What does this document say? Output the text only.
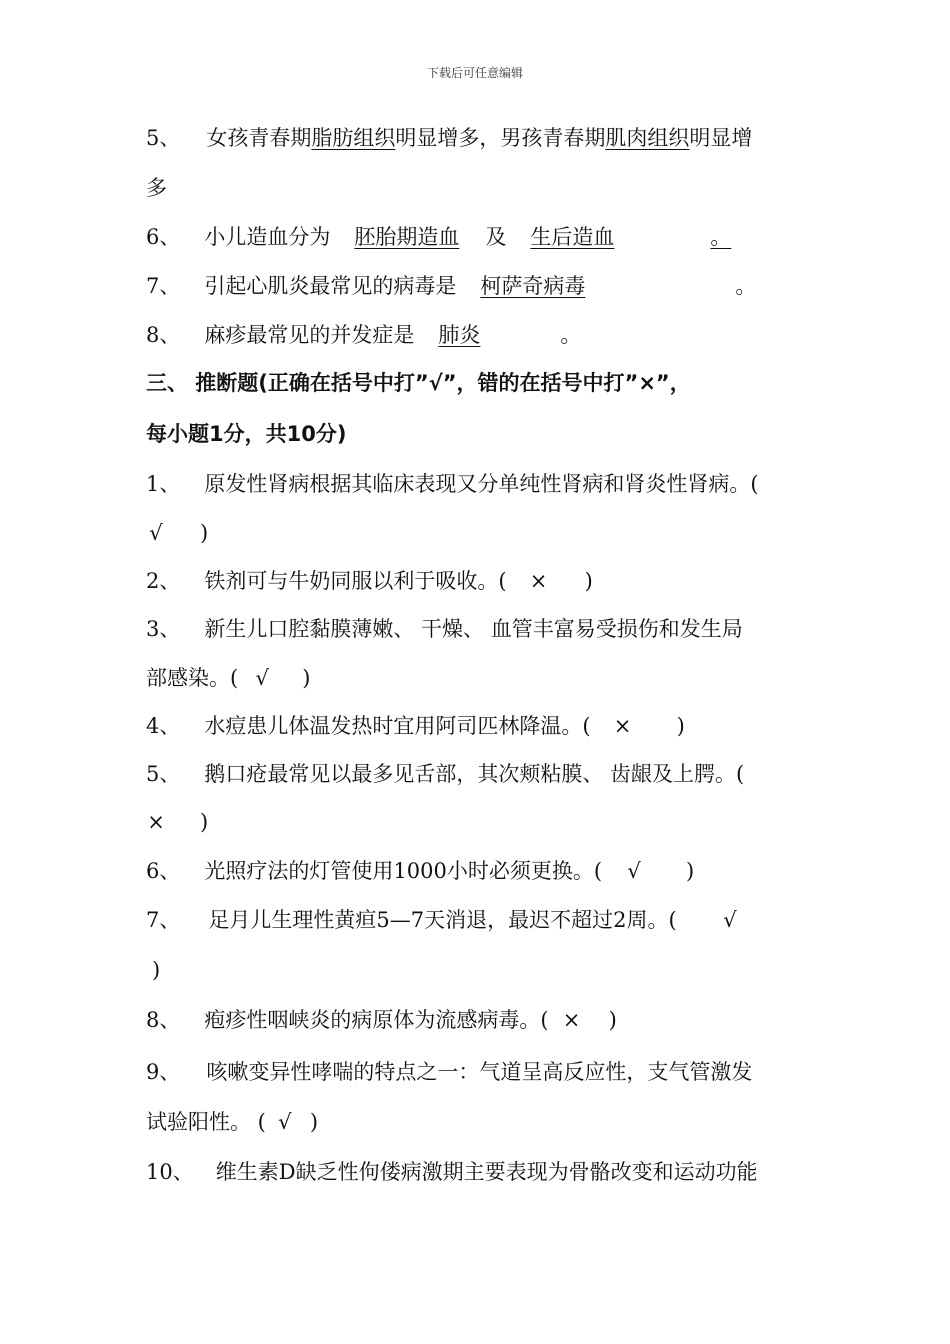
下载后可任意编辑
5、 女孩青春期脂肪组织明显增多，男孩青春期肌肉组织明显增
多
6、 小儿造血分为 胚胎期造血 及 生后造血	。
7、 引起心肌炎最常见的病毒是 柯萨奇病毒	。
8、 麻疹最常见的并发症是 肺炎	。
三、 推断题(正确在括号中打”√”，错的在括号中打”×”，
每小题1分，共10分)
1、 原发性肾病根据其临床表现又分单纯性肾病和肾炎性肾病。(
√ )
2、 铁剂可与牛奶同服以利于吸收。( × )
3、 新生儿口腔黏膜薄嫩、 干燥、 血管丰富易受损伤和发生局
部感染。( √ )
4、 水痘患儿体温发热时宜用阿司匹林降温。( × )
5、 鹅口疮最常见以最多见舌部，其次颊粘膜、 齿龈及上腭。(
× )
6、 光照疗法的灯管使用1000小时必须更换。( √ )
7、 足月儿生理性黄疸5—7天消退，最迟不超过2周。( √
)
8、 疱疹性咽峡炎的病原体为流感病毒。( × )
9、 咳嗽变异性哮喘的特点之一：气道呈高反应性，支气管激发
试验阳性。 ( √ )
10、 维生素D缺乏性佝偻病激期主要表现为骨骼改变和运动功能
